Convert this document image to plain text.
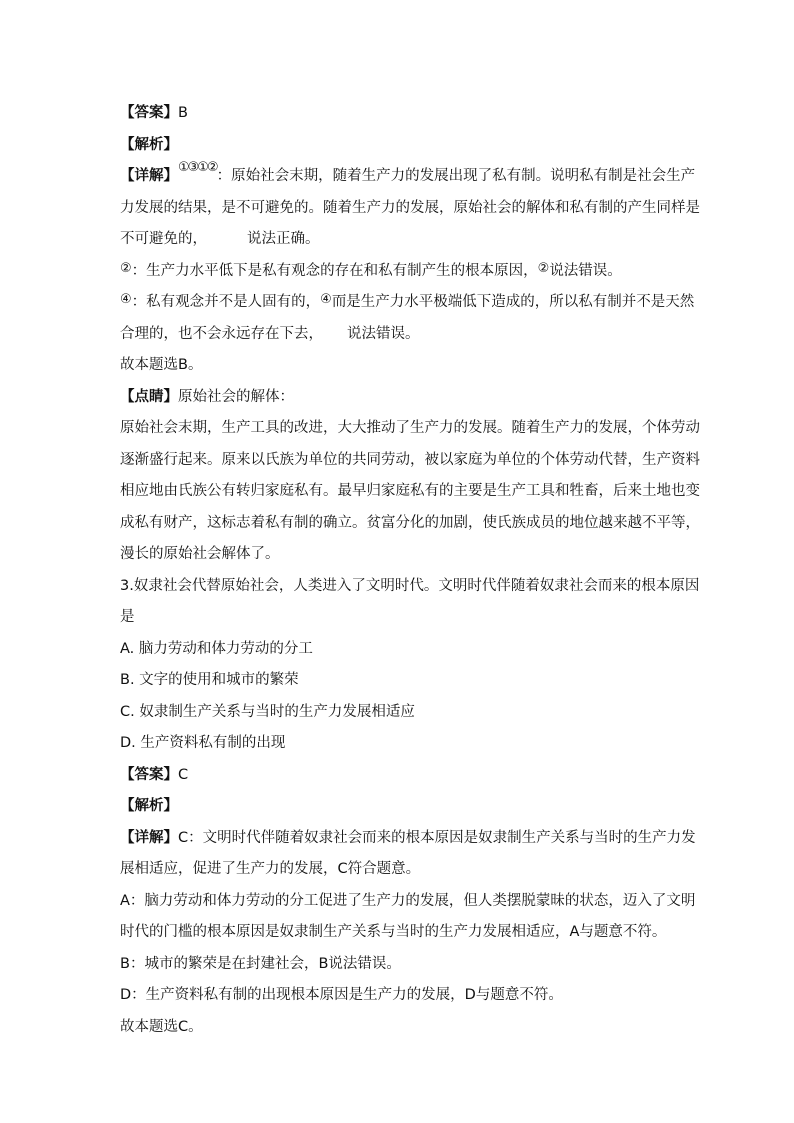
【答案】B
【解析】
【详解】①③①②：原始社会末期，随着生产力的发展出现了私有制。说明私有制是社会生产
力发展的结果，是不可避免的。随着生产力的发展，原始社会的解体和私有制的产生同样是
不可避免的，	说法正确。
②：生产力水平低下是私有观念的存在和私有制产生的根本原因，②说法错误。
④：私有观念并不是人固有的，④而是生产力水平极端低下造成的，所以私有制并不是天然
合理的，也不会永远存在下去， 说法错误。
故本题选B。
【点睛】原始社会的解体：
原始社会末期，生产工具的改进，大大推动了生产力的发展。随着生产力的发展，个体劳动
逐渐盛行起来。原来以氏族为单位的共同劳动，被以家庭为单位的个体劳动代替，生产资料
相应地由氏族公有转归家庭私有。最早归家庭私有的主要是生产工具和牲畜，后来土地也变
成私有财产，这标志着私有制的确立。贫富分化的加剧，使氏族成员的地位越来越不平等，
漫长的原始社会解体了。
3.奴隶社会代替原始社会，人类进入了文明时代。文明时代伴随着奴隶社会而来的根本原因
是
A. 脑力劳动和体力劳动的分工
B. 文字的使用和城市的繁荣
C. 奴隶制生产关系与当时的生产力发展相适应
D. 生产资料私有制的出现
【答案】C
【解析】
【详解】C：文明时代伴随着奴隶社会而来的根本原因是奴隶制生产关系与当时的生产力发
展相适应，促进了生产力的发展，C符合题意。
A：脑力劳动和体力劳动的分工促进了生产力的发展，但人类摆脱蒙昧的状态，迈入了文明
时代的门槛的根本原因是奴隶制生产关系与当时的生产力发展相适应，A与题意不符。
B：城市的繁荣是在封建社会，B说法错误。
D：生产资料私有制的出现根本原因是生产力的发展，D与题意不符。
故本题选C。
